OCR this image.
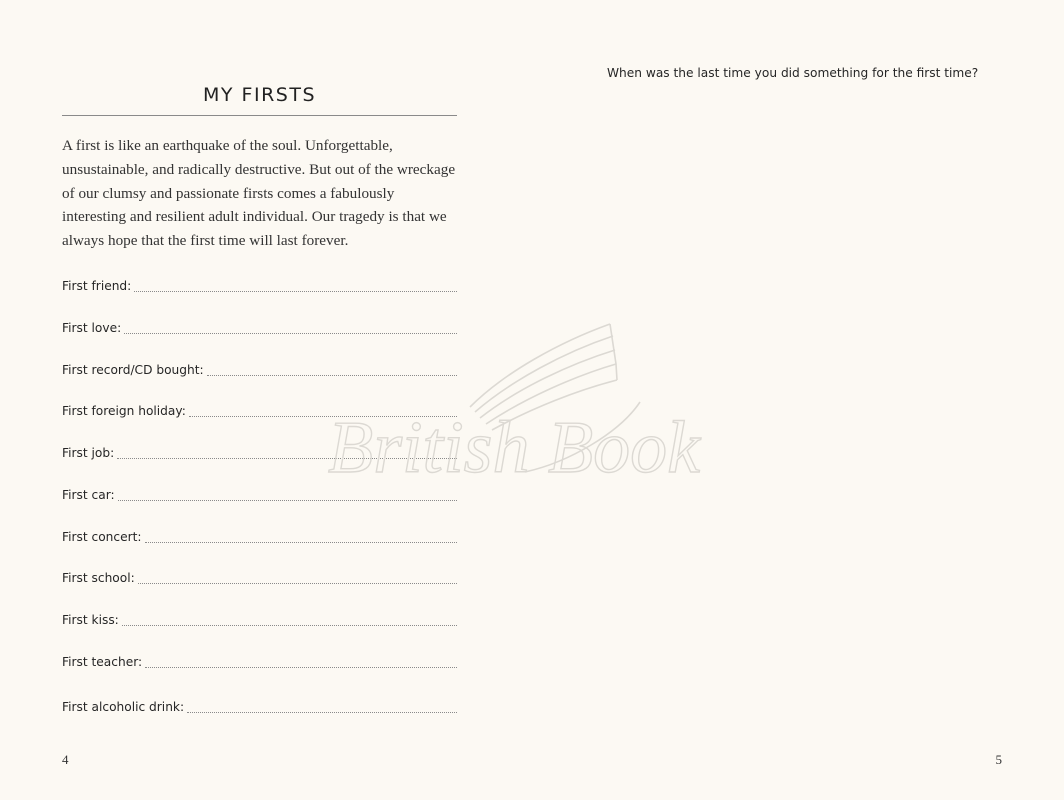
MY FIRSTS
A first is like an earthquake of the soul. Unforgettable, unsustainable, and radically destructive. But out of the wreckage of our clumsy and passionate firsts comes a fabulously interesting and resilient adult individual. Our tragedy is that we always hope that the first time will last forever.
First friend:
First love:
First record/CD bought:
First foreign holiday:
First job:
First car:
First concert:
First school:
First kiss:
First teacher:
First alcoholic drink:
4
When was the last time you did something for the first time?
5
British Book
